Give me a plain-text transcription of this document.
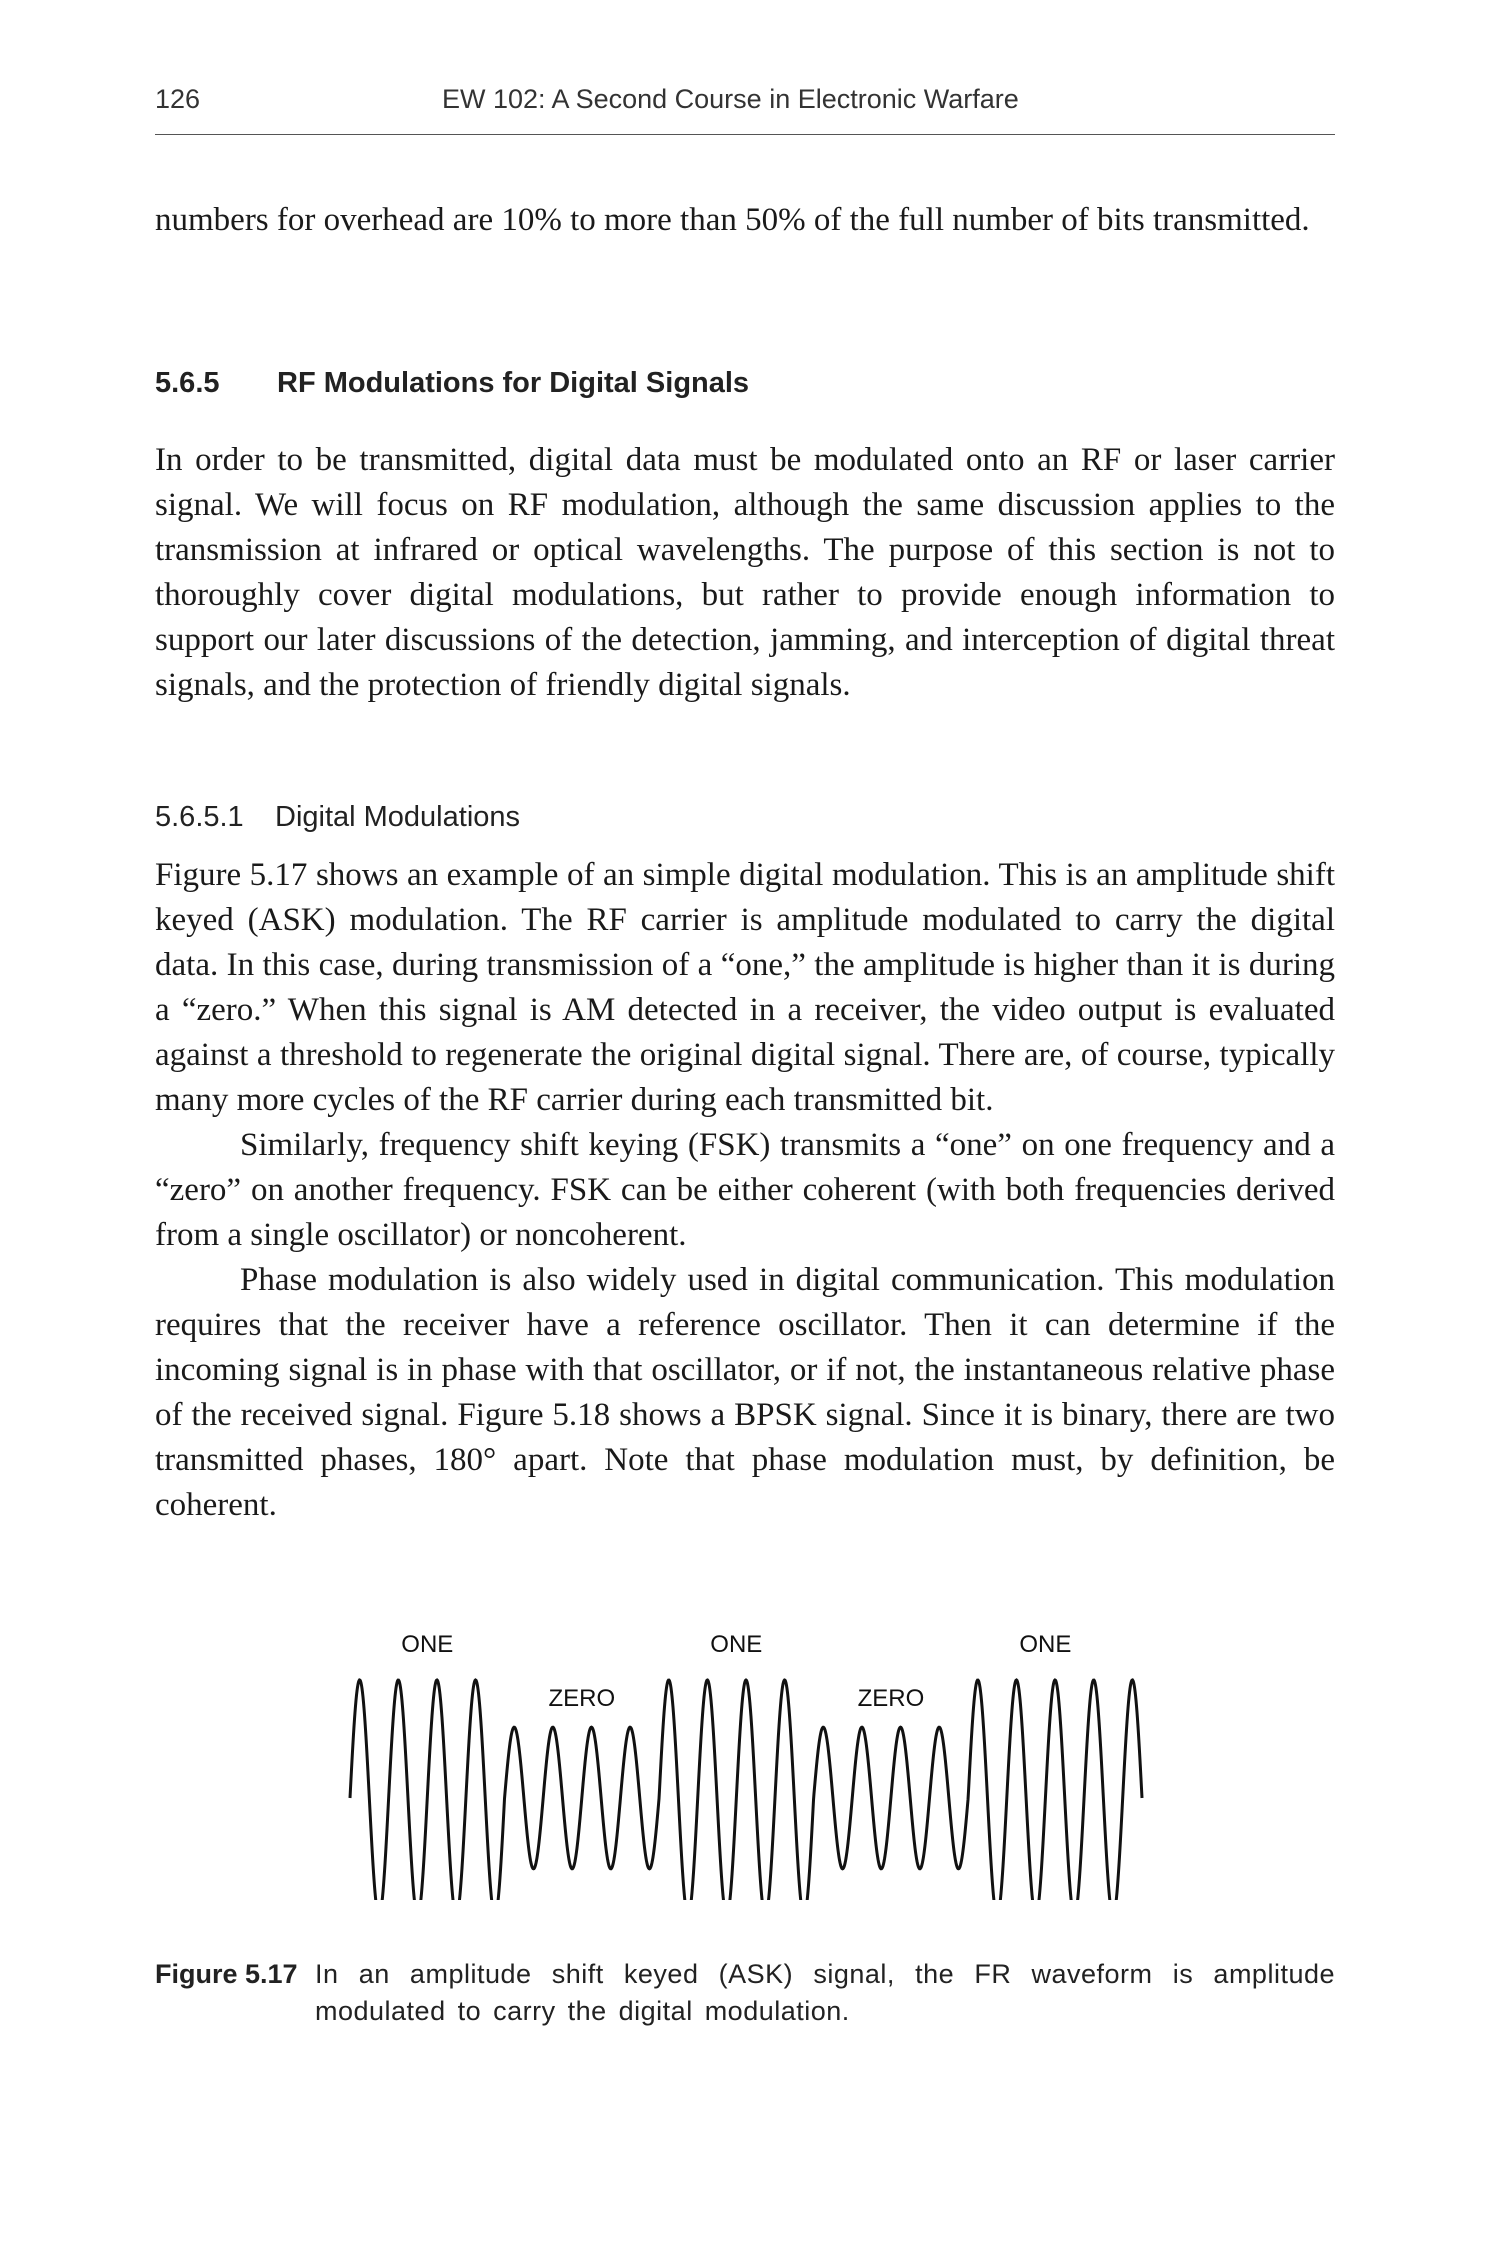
126	EW 102: A Second Course in Electronic Warfare

numbers for overhead are 10% to more than 50% of the full number of bits transmitted.

5.6.5 RF Modulations for Digital Signals

In order to be transmitted, digital data must be modulated onto an RF or laser carrier signal. We will focus on RF modulation, although the same discussion applies to the transmission at infrared or optical wavelengths. The purpose of this section is not to thoroughly cover digital modulations, but rather to provide enough information to support our later discussions of the detection, jamming, and interception of digital threat signals, and the protection of friendly digital signals.

5.6.5.1 Digital Modulations

Figure 5.17 shows an example of an simple digital modulation. This is an amplitude shift keyed (ASK) modulation. The RF carrier is amplitude modulated to carry the digital data. In this case, during transmission of a “one,” the amplitude is higher than it is during a “zero.” When this signal is AM detected in a receiver, the video output is evaluated against a threshold to regenerate the original digital signal. There are, of course, typically many more cycles of the RF carrier during each transmitted bit.

Similarly, frequency shift keying (FSK) transmits a “one” on one frequency and a “zero” on another frequency. FSK can be either coherent (with both frequencies derived from a single oscillator) or noncoherent.

Phase modulation is also widely used in digital communication. This modulation requires that the receiver have a reference oscillator. Then it can determine if the incoming signal is in phase with that oscillator, or if not, the instantaneous relative phase of the received signal. Figure 5.18 shows a BPSK signal. Since it is binary, there are two transmitted phases, 180° apart. Note that phase modulation must, by definition, be coherent.

ONE
ZERO
ONE
ZERO
ONE
Figure 5.17 In an amplitude shift keyed (ASK) signal, the FR waveform is amplitude modulated to carry the digital modulation.
